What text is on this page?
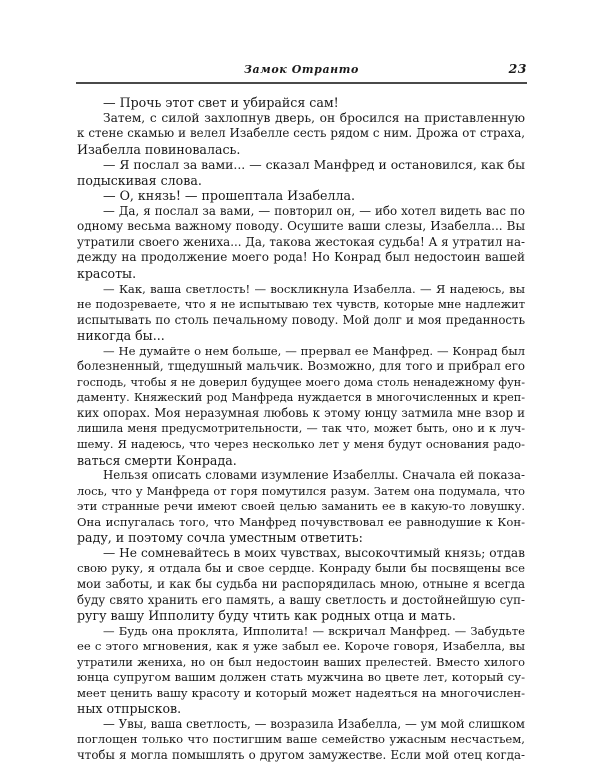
Замок Отранто	23
— Прочь этот свет и убирайся сам!
Затем, с силой захлопнув дверь, он бросился на приставленную
к стене скамью и велел Изабелле сесть рядом с ним. Дрожа от страха,
Изабелла повиновалась.
— Я послал за вами... — сказал Манфред и остановился, как бы
подыскивая слова.
— О, князь! — прошептала Изабелла.
— Да, я послал за вами, — повторил он, — ибо хотел видеть вас по
одному весьма важному поводу. Осушите ваши слезы, Изабелла... Вы
утратили своего жениха... Да, такова жестокая судьба! А я утратил на-
дежду на продолжение моего рода! Но Конрад был недостоин вашей
красоты.
— Как, ваша светлость! — воскликнула Изабелла. — Я надеюсь, вы
не подозреваете, что я не испытываю тех чувств, которые мне надлежит
испытывать по столь печальному поводу. Мой долг и моя преданность
никогда бы...
— Не думайте о нем больше, — прервал ее Манфред. — Конрад был
болезненный, тщедушный мальчик. Возможно, для того и прибрал его
господь, чтобы я не доверил будущее моего дома столь ненадежному фун-
даменту. Княжеский род Манфреда нуждается в многочисленных и креп-
ких опорах. Моя неразумная любовь к этому юнцу затмила мне взор и
лишила меня предусмотрительности, — так что, может быть, оно и к луч-
шему. Я надеюсь, что через несколько лет у меня будут основания радо-
ваться смерти Конрада.
Нельзя описать словами изумление Изабеллы. Сначала ей показа-
лось, что у Манфреда от горя помутился разум. Затем она подумала, что
эти странные речи имеют своей целью заманить ее в какую-то ловушку.
Она испугалась того, что Манфред почувствовал ее равнодушие к Кон-
раду, и поэтому сочла уместным ответить:
— Не сомневайтесь в моих чувствах, высокочтимый князь; отдав
свою руку, я отдала бы и свое сердце. Конраду были бы посвящены все
мои заботы, и как бы судьба ни распорядилась мною, отныне я всегда
буду свято хранить его память, а вашу светлость и достойнейшую суп-
ругу вашу Ипполиту буду чтить как родных отца и мать.
— Будь она проклята, Ипполита! — вскричал Манфред. — Забудьте
ее с этого мгновения, как я уже забыл ее. Короче говоря, Изабелла, вы
утратили жениха, но он был недостоин ваших прелестей. Вместо хилого
юнца супругом вашим должен стать мужчина во цвете лет, который су-
меет ценить вашу красоту и который может надеяться на многочислен-
ных отпрысков.
— Увы, ваша светлость, — возразила Изабелла, — ум мой слишком
поглощен только что постигшим ваше семейство ужасным несчастьем,
чтобы я могла помышлять о другом замужестве. Если мой отец когда-
